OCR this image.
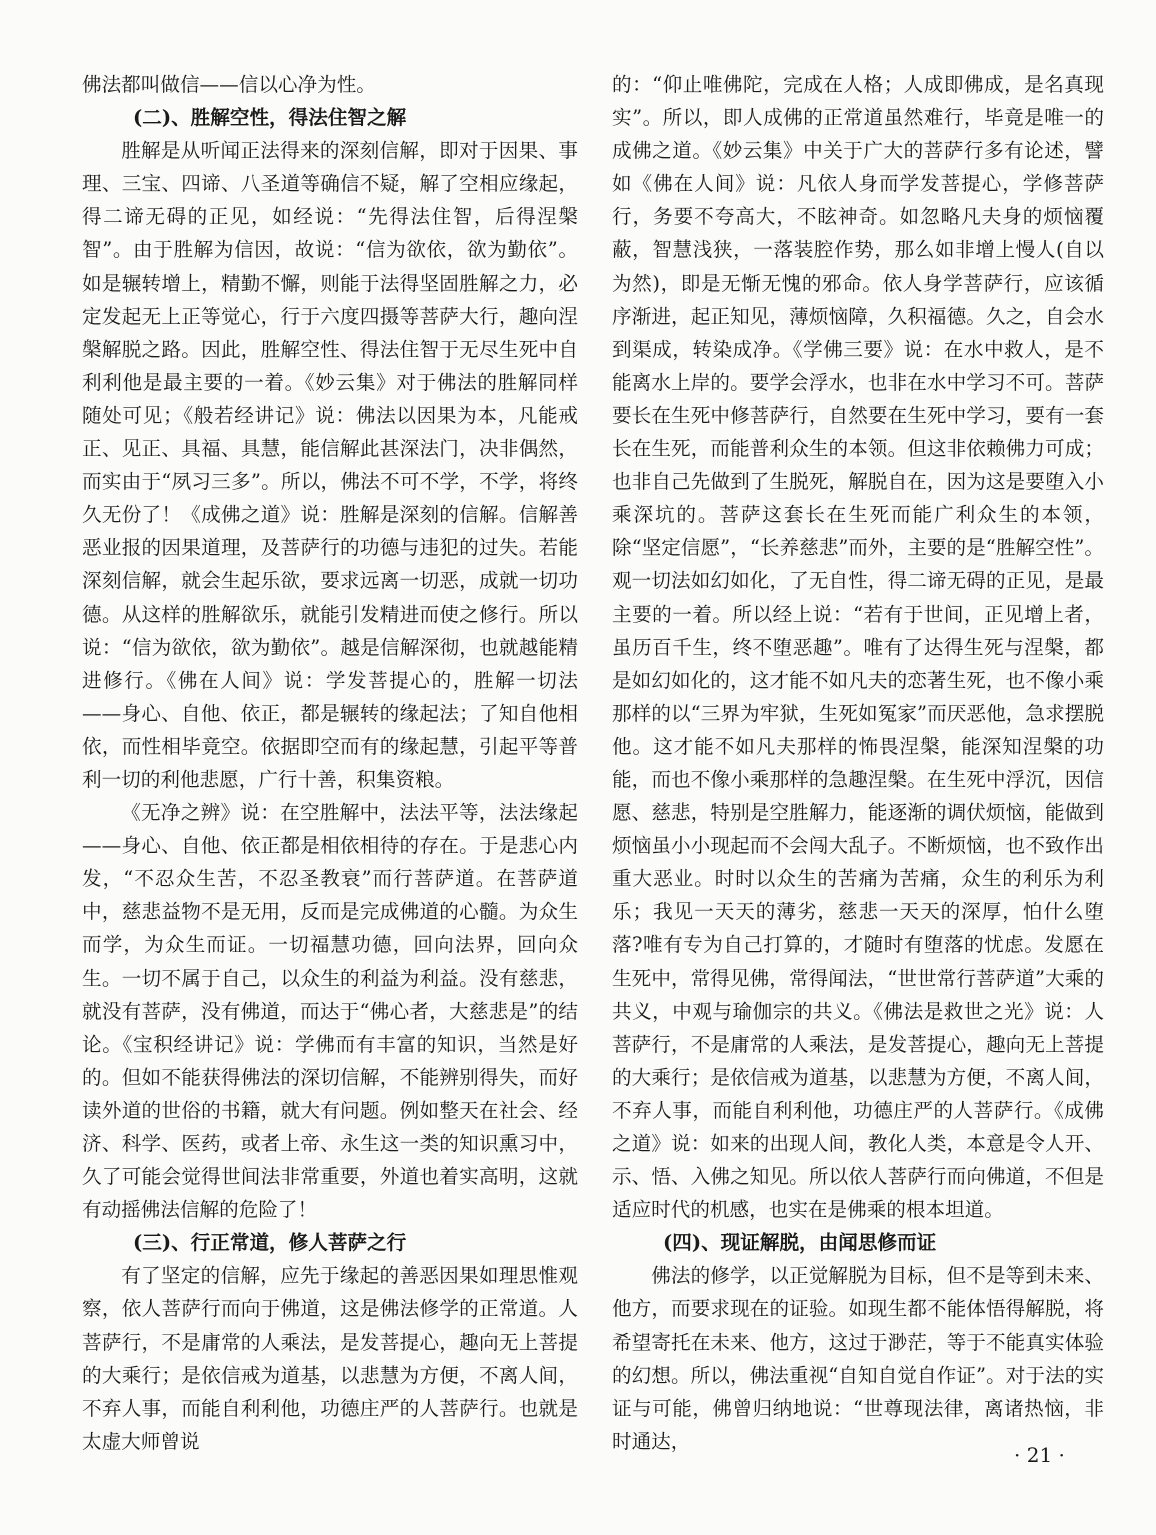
佛法都叫做信——信以心净为性。

(二)、胜解空性，得法住智之解

胜解是从听闻正法得来的深刻信解，即对于因果、事理、三宝、四谛、八圣道等确信不疑，解了空相应缘起，得二谛无碍的正见，如经说：“先得法住智，后得涅槃智”。由于胜解为信因，故说：“信为欲依，欲为勤依”。如是辗转增上，精勤不懈，则能于法得坚固胜解之力，必定发起无上正等觉心，行于六度四摄等菩萨大行，趣向涅槃解脱之路。因此，胜解空性、得法住智于无尽生死中自利利他是最主要的一着。《妙云集》对于佛法的胜解同样随处可见；《般若经讲记》说：佛法以因果为本，凡能戒正、见正、具福、具慧，能信解此甚深法门，决非偶然，而实由于“夙习三多”。所以，佛法不可不学，不学，将终久无份了！《成佛之道》说：胜解是深刻的信解。信解善恶业报的因果道理，及菩萨行的功德与违犯的过失。若能深刻信解，就会生起乐欲，要求远离一切恶，成就一切功德。从这样的胜解欲乐，就能引发精进而使之修行。所以说：“信为欲依，欲为勤依”。越是信解深彻，也就越能精进修行。《佛在人间》说：学发菩提心的，胜解一切法——身心、自他、依正，都是辗转的缘起法；了知自他相依，而性相毕竟空。依据即空而有的缘起慧，引起平等普利一切的利他悲愿，广行十善，积集资粮。

《无净之辨》说：在空胜解中，法法平等，法法缘起——身心、自他、依正都是相依相待的存在。于是悲心内发，“不忍众生苦，不忍圣教衰”而行菩萨道。在菩萨道中，慈悲益物不是无用，反而是完成佛道的心髓。为众生而学，为众生而证。一切福慧功德，回向法界，回向众生。一切不属于自己，以众生的利益为利益。没有慈悲，就没有菩萨，没有佛道，而达于“佛心者，大慈悲是”的结论。《宝积经讲记》说：学佛而有丰富的知识，当然是好的。但如不能获得佛法的深切信解，不能辨别得失，而好读外道的世俗的书籍，就大有问题。例如整天在社会、经济、科学、医药，或者上帝、永生这一类的知识熏习中，久了可能会觉得世间法非常重要，外道也着实高明，这就有动摇佛法信解的危险了！

(三)、行正常道，修人菩萨之行

有了坚定的信解，应先于缘起的善恶因果如理思惟观察，依人菩萨行而向于佛道，这是佛法修学的正常道。人菩萨行，不是庸常的人乘法，是发菩提心，趣向无上菩提的大乘行；是依信戒为道基，以悲慧为方便，不离人间，不弃人事，而能自利利他，功德庄严的人菩萨行。也就是太虚大师曾说

的：“仰止唯佛陀，完成在人格；人成即佛成，是名真现实”。所以，即人成佛的正常道虽然难行，毕竟是唯一的成佛之道。《妙云集》中关于广大的菩萨行多有论述，譬如《佛在人间》说：凡依人身而学发菩提心，学修菩萨行，务要不夸高大，不眩神奇。如忽略凡夫身的烦恼覆蔽，智慧浅狭，一落装腔作势，那么如非增上慢人(自以为然)，即是无惭无愧的邪命。依人身学菩萨行，应该循序渐进，起正知见，薄烦恼障，久积福德。久之，自会水到渠成，转染成净。《学佛三要》说：在水中救人，是不能离水上岸的。要学会浮水，也非在水中学习不可。菩萨要长在生死中修菩萨行，自然要在生死中学习，要有一套长在生死，而能普利众生的本领。但这非依赖佛力可成；也非自己先做到了生脱死，解脱自在，因为这是要堕入小乘深坑的。菩萨这套长在生死而能广利众生的本领，除“坚定信愿”，“长养慈悲”而外，主要的是“胜解空性”。观一切法如幻如化，了无自性，得二谛无碍的正见，是最主要的一着。所以经上说：“若有于世间，正见增上者，虽历百千生，终不堕恶趣”。唯有了达得生死与涅槃，都是如幻如化的，这才能不如凡夫的恋著生死，也不像小乘那样的以“三界为牢狱，生死如冤家”而厌恶他，急求摆脱他。这才能不如凡夫那样的怖畏涅槃，能深知涅槃的功能，而也不像小乘那样的急趣涅槃。在生死中浮沉，因信愿、慈悲，特别是空胜解力，能逐渐的调伏烦恼，能做到烦恼虽小小现起而不会闯大乱子。不断烦恼，也不致作出重大恶业。时时以众生的苦痛为苦痛，众生的利乐为利乐；我见一天天的薄劣，慈悲一天天的深厚，怕什么堕落?唯有专为自己打算的，才随时有堕落的忧虑。发愿在生死中，常得见佛，常得闻法，“世世常行菩萨道”大乘的共义，中观与瑜伽宗的共义。《佛法是救世之光》说：人菩萨行，不是庸常的人乘法，是发菩提心，趣向无上菩提的大乘行；是依信戒为道基，以悲慧为方便，不离人间，不弃人事，而能自利利他，功德庄严的人菩萨行。《成佛之道》说：如来的出现人间，教化人类，本意是令人开、示、悟、入佛之知见。所以依人菩萨行而向佛道，不但是适应时代的机感，也实在是佛乘的根本坦道。

(四)、现证解脱，由闻思修而证

佛法的修学，以正觉解脱为目标，但不是等到未来、他方，而要求现在的证验。如现生都不能体悟得解脱，将希望寄托在未来、他方，这过于渺茫，等于不能真实体验的幻想。所以，佛法重视“自知自觉自作证”。对于法的实证与可能，佛曾归纳地说：“世尊现法律，离诸热恼，非时通达，

· 21 ·
